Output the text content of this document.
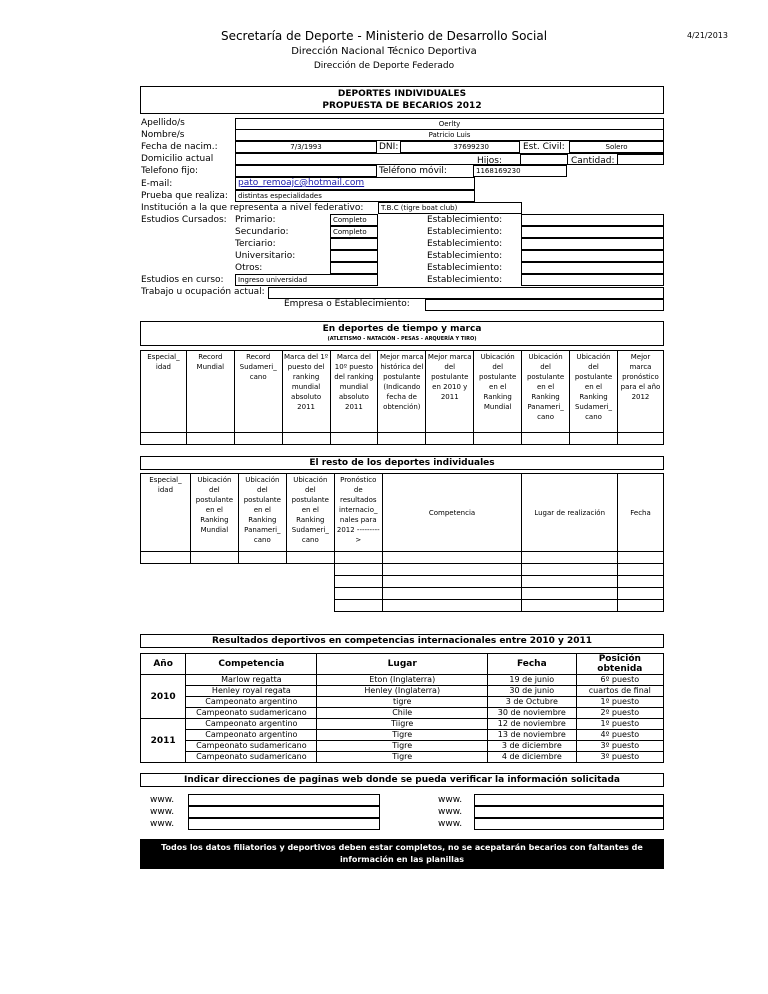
Secretaría de Deporte - Ministerio de Desarrollo Social
Dirección Nacional Técnico Deportiva
Dirección de Deporte Federado
4/21/2013
DEPORTES INDIVIDUALES
PROPUESTA DE BECARIOS 2012
Apellido/s	Oerlty
Nombre/s	Patricio Luis
Fecha de nacim.:	7/3/1993	DNI:	37699230	Est. Civil:	Solero
Domicilio actual	Hijos:	Cantidad:
Telefono fijo:	Teléfono móvil:	1168169230
E-mail:	pato_remoajc@hotmail.com
Prueba que realiza:	distintas especialidades
Institución a la que representa a nivel federativo:	T.B.C (tigre boat club)
Estudios Cursados: Primario:	Completo	Establecimiento:
Secundario:	Completo	Establecimiento:
Terciario:	Establecimiento:
Universitario:	Establecimiento:
Otros:	Establecimiento:
Estudios en curso:	Ingreso universidad	Establecimiento:
Trabajo u ocupación actual:
Empresa o Establecimiento:
En deportes de tiempo y marca
(ATLETISMO - NATACIÓN - PESAS - ARQUERÍA Y TIRO)
Especial_ idad	Record Mundial	Record Sudameri_ cano	Marca del 1º puesto del ranking mundial absoluto 2011	Marca del 10º puesto del ranking mundial absoluto 2011	Mejor marca histórica del postulante (Indicando fecha de obtención)	Mejor marca del postulante en 2010 y 2011	Ubicación del postulante en el Ranking Mundial	Ubicación del postulante en el Ranking Panameri_ cano	Ubicación del postulante en el Ranking Sudameri_ cano	Mejor marca pronóstico para el año 2012

El resto de los deportes individuales
Especial_ idad	Ubicación del postulante en el Ranking Mundial	Ubicación del postulante en el Ranking Panameri_ cano	Ubicación del postulante en el Ranking Sudameri_ cano	Pronóstico de resultados internacio_ nales para 2012 --------->	Competencia	Lugar de realización	Fecha

Resultados deportivos en competencias internacionales entre 2010 y 2011
Año	Competencia	Lugar	Fecha	Posición obtenida
2010	Marlow regatta	Eton (Inglaterra)	19 de junio	6º puesto
	Henley royal regata	Henley (Inglaterra)	30 de junio	cuartos de final
	Campeonato argentino	tigre	3 de Octubre	1º puesto
	Campeonato sudamericano	Chile	30 de noviembre	2º puesto
2011	Campeonato argentino	Tiigre	12 de noviembre	1º puesto
	Campeonato argentino	Tigre	13 de noviembre	4º puesto
	Campeonato sudamericano	Tigre	3 de diciembre	3º puesto
	Campeonato sudamericano	Tigre	4 de diciembre	3º puesto
Indicar direcciones de paginas web donde se pueda verificar la información solicitada
www.
www.
www.
www.
www.
www.
Todos los datos filiatorios y deportivos deben estar completos, no se acepatarán becarios con faltantes de
información en las planillas
